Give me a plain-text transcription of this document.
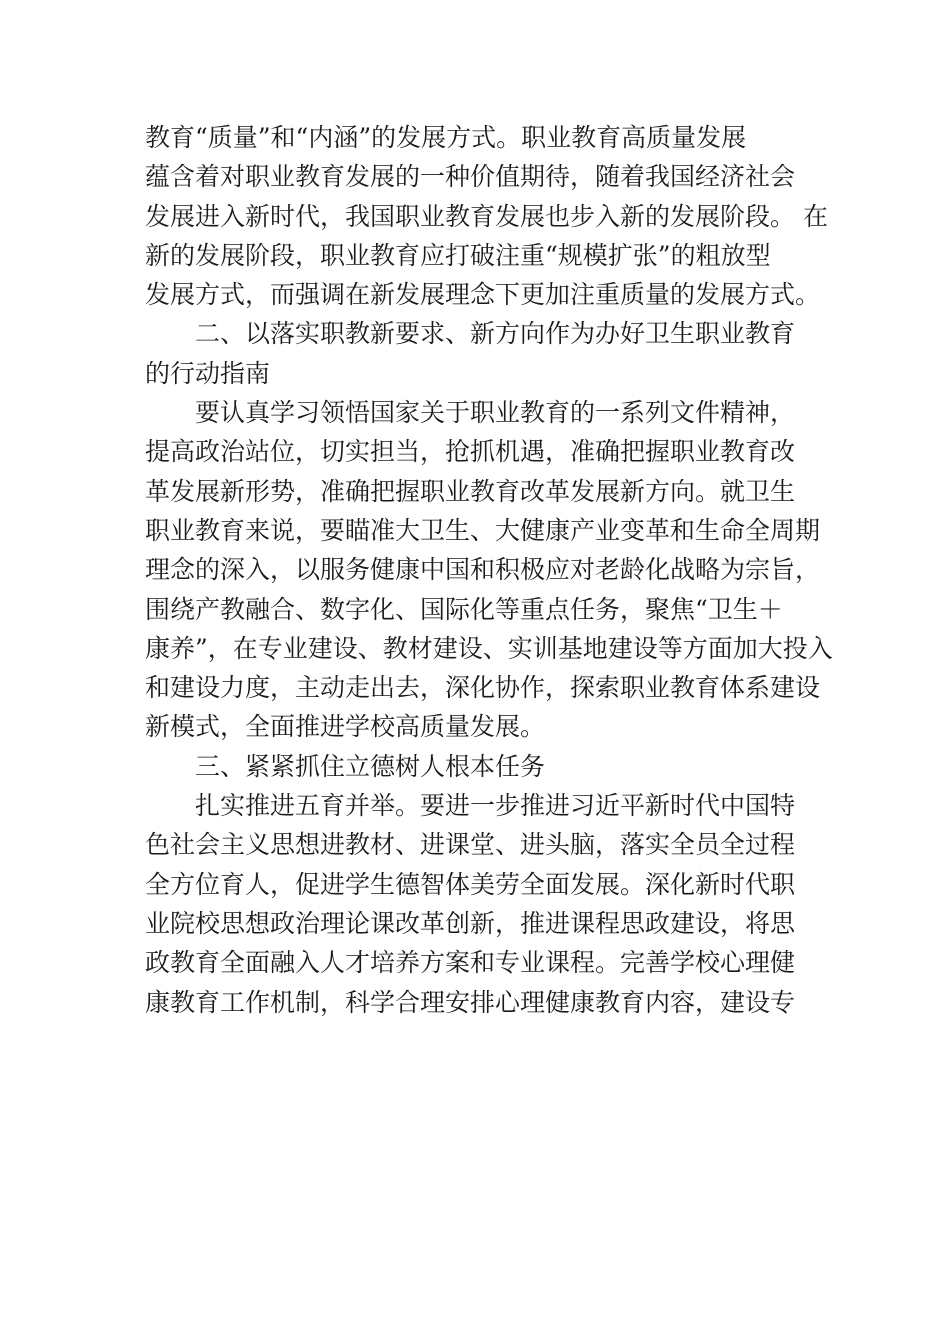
教育“质量”和“内涵”的发展方式。职业教育高质量发展
蕴含着对职业教育发展的一种价值期待，随着我国经济社会
发展进入新时代，我国职业教育发展也步入新的发展阶段。 在
新的发展阶段，职业教育应打破注重“规模扩张”的粗放型
发展方式，而强调在新发展理念下更加注重质量的发展方式。
二、以落实职教新要求、新方向作为办好卫生职业教育
的行动指南
要认真学习领悟国家关于职业教育的一系列文件精神，
提高政治站位，切实担当，抢抓机遇，准确把握职业教育改
革发展新形势，准确把握职业教育改革发展新方向。就卫生
职业教育来说，要瞄准大卫生、大健康产业变革和生命全周期
理念的深入，以服务健康中国和积极应对老龄化战略为宗旨，
围绕产教融合、数字化、国际化等重点任务，聚焦“卫生＋
康养”，在专业建设、教材建设、实训基地建设等方面加大投入
和建设力度，主动走出去，深化协作，探索职业教育体系建设
新模式，全面推进学校高质量发展。
三、紧紧抓住立德树人根本任务
扎实推进五育并举。要进一步推进习近平新时代中国特
色社会主义思想进教材、进课堂、进头脑，落实全员全过程
全方位育人，促进学生德智体美劳全面发展。深化新时代职
业院校思想政治理论课改革创新，推进课程思政建设，将思
政教育全面融入人才培养方案和专业课程。完善学校心理健
康教育工作机制，科学合理安排心理健康教育内容，建设专
